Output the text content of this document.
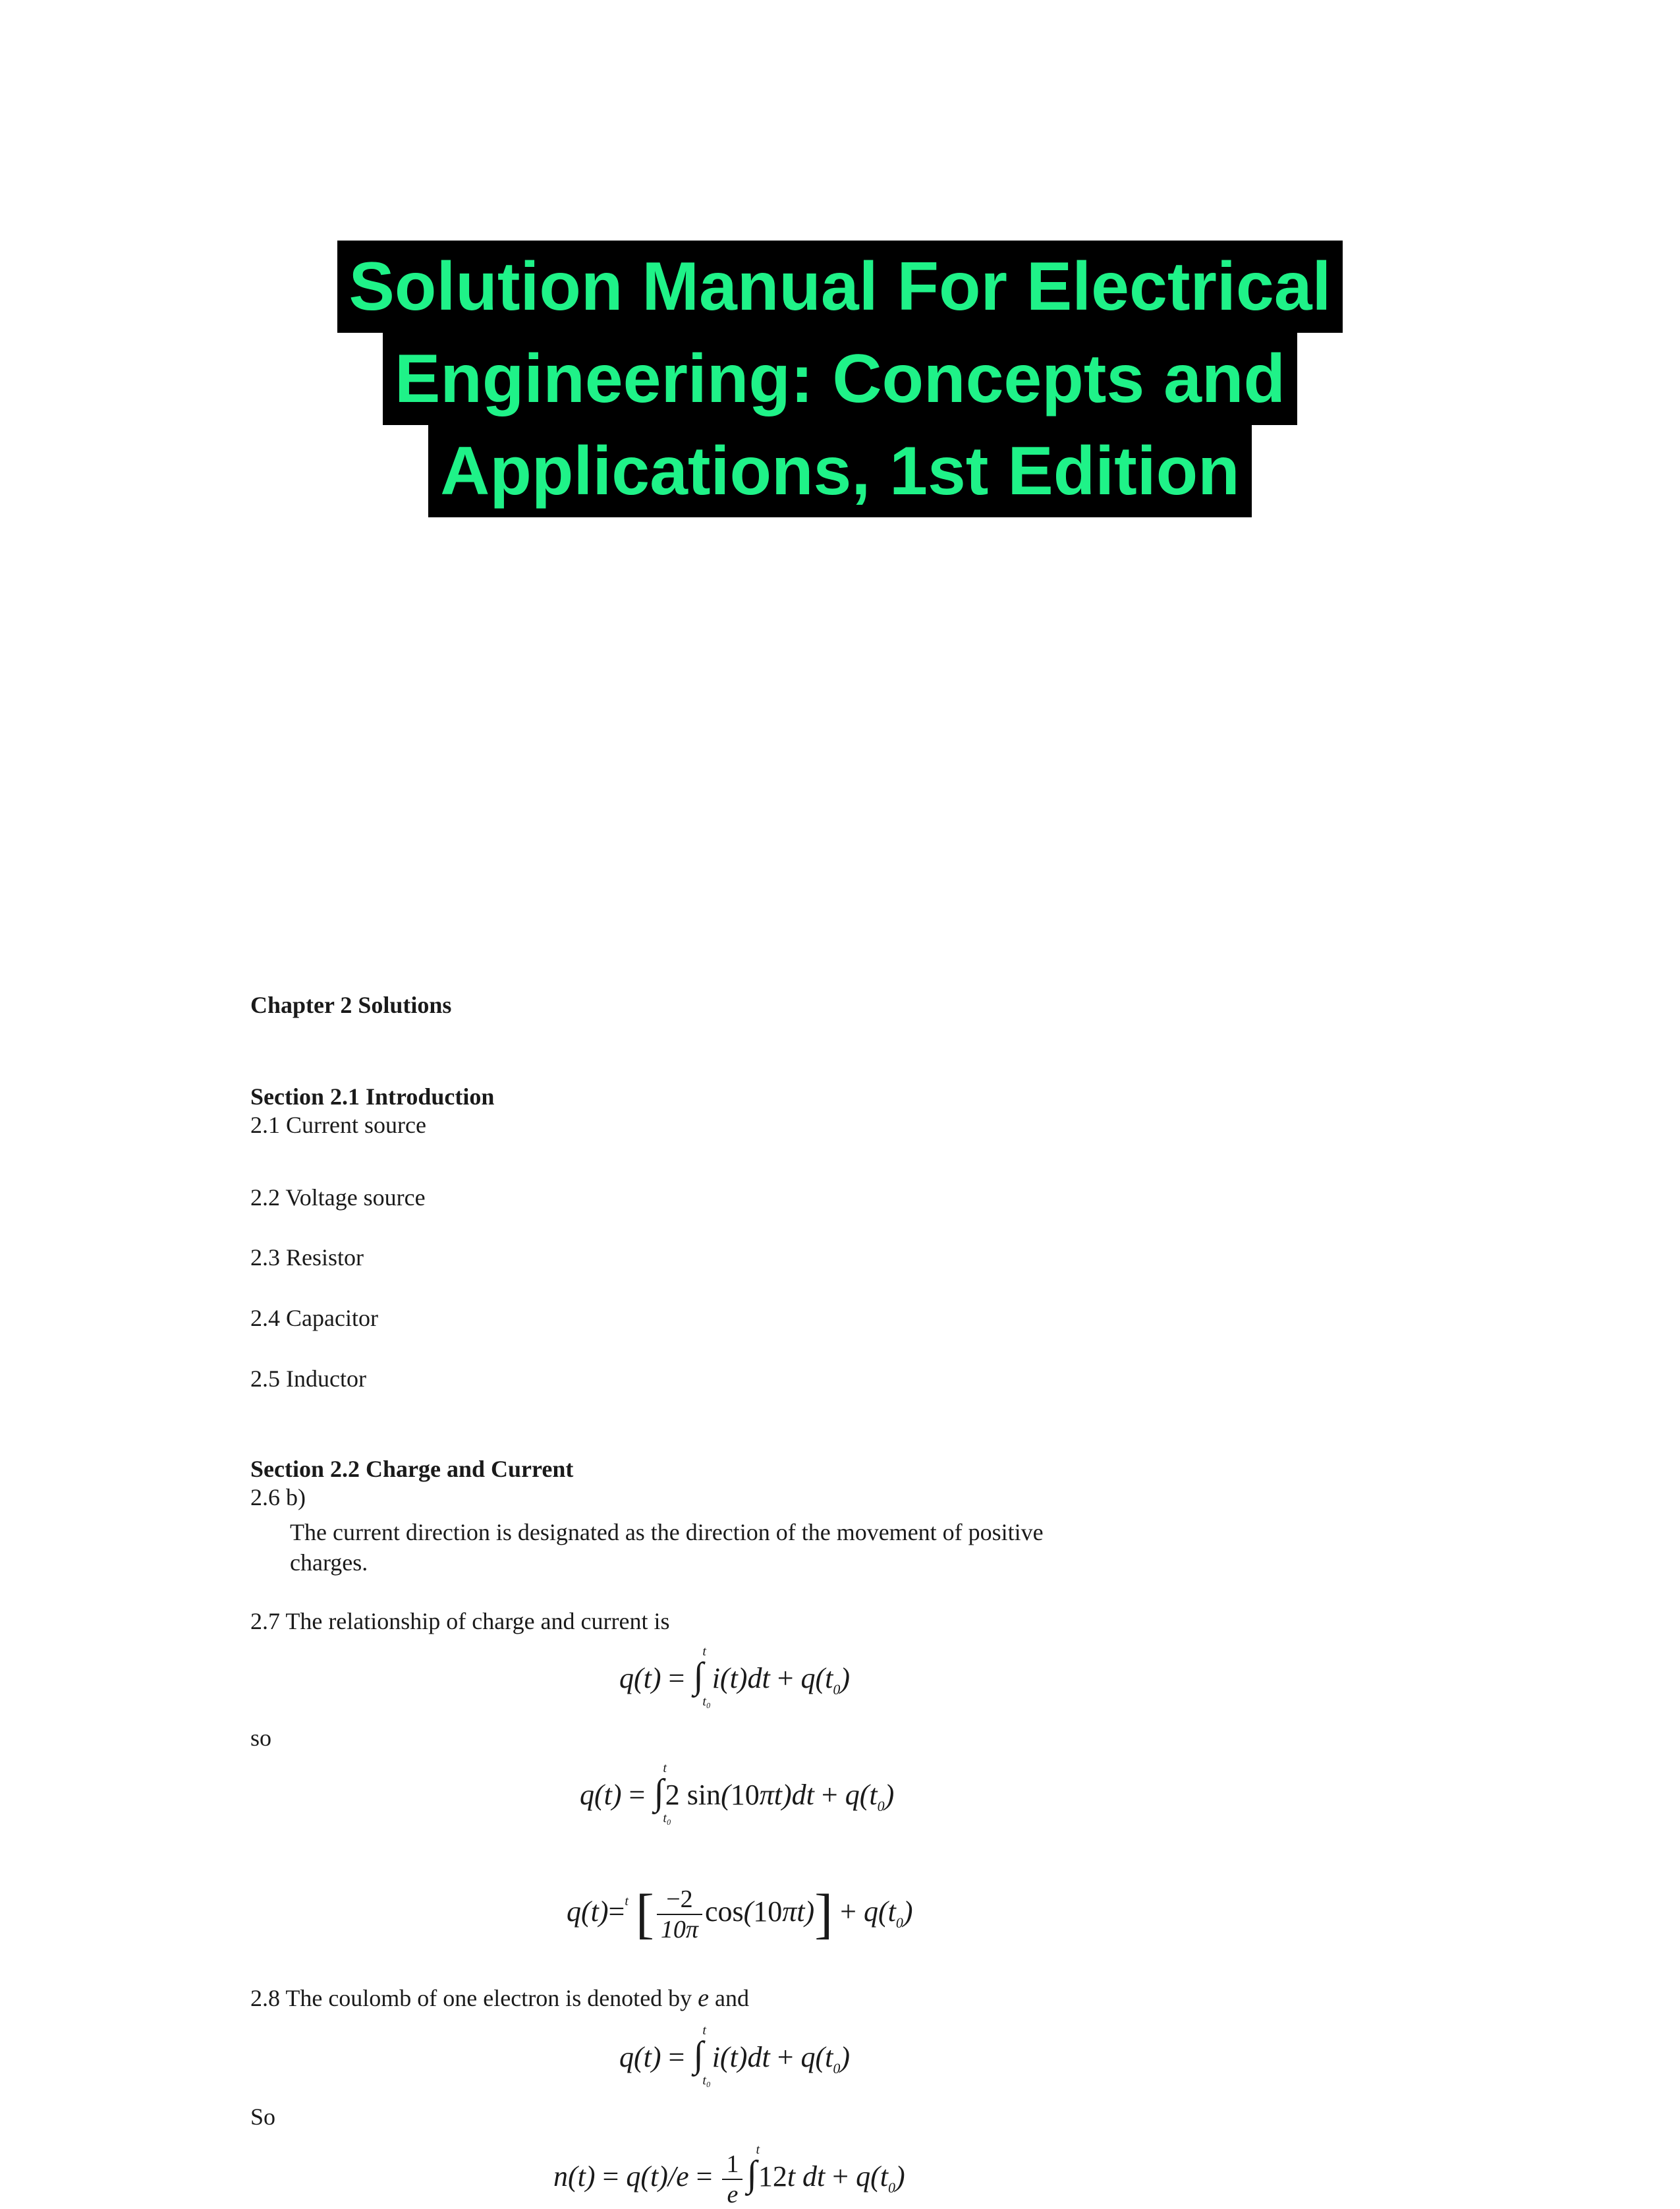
Solution Manual For Electrical
Engineering: Concepts and
Applications, 1st Edition
Chapter 2 Solutions
Section 2.1 Introduction
2.1 Current source
2.2 Voltage source
2.3 Resistor
2.4 Capacitor
2.5 Inductor
Section 2.2 Charge and Current
2.6 b)
The current direction is designated as the direction of the movement of positive
charges.
2.7 The relationship of charge and current is
q(t) = ∫
t
t₀
$i(t)dt + q(t_0)$
so
q(t) = ∫
t
t₀
2 $\sin(10\pi t)dt + q(t_0)$
q(t)=$^t$ [ $\frac{-2}{10\pi} \cos(10\pi t)] + q(t_0)$
2.8 The coulomb of one electron is denoted by e and
q(t) = ∫
t
t₀
$i(t)dt + q(t_0)$
So
$n(t) = q(t)/e = \frac{1}{e}$ ∫
t
12t dt + $q(t_0)$
